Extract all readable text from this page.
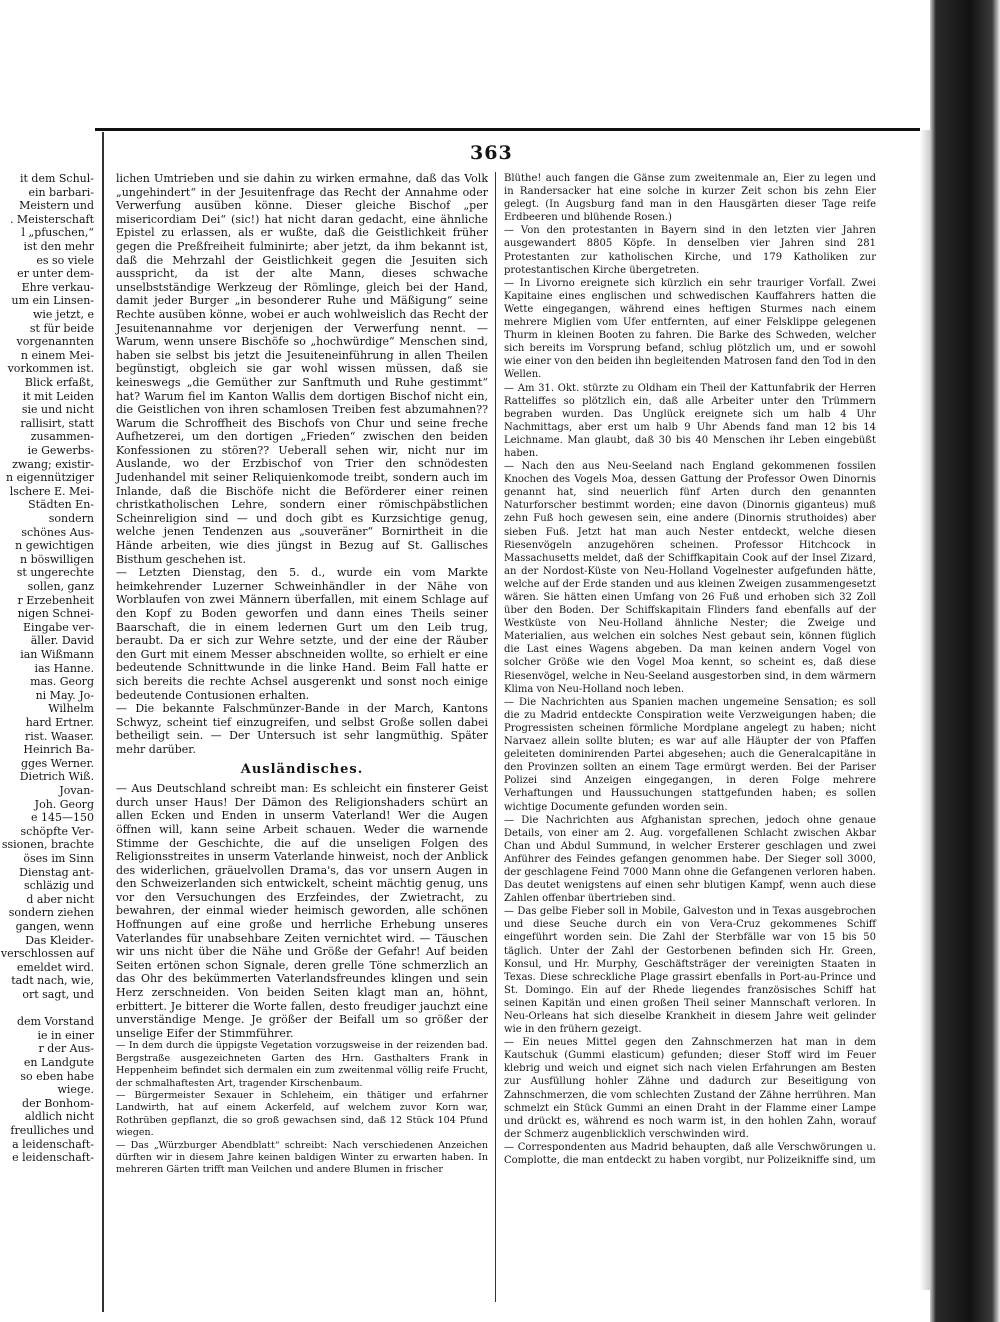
it dem Schul-
ein barbari-
Meistern und
. Meisterschaft
l „pfuschen,“
ist den mehr
es so viele
er unter dem-
Ehre verkau-
um ein Linsen-
wie jetzt, e
st für beide
vorgenannten
n einem Mei-
vorkommen ist.
Blick erfaßt,
it mit Leiden
sie und nicht
rallisirt, statt
zusammen-
ie Gewerbs-
zwang; existir-
n eigennütziger
lschere E. Mei-
Städten En-
sondern
schönes Aus-
n gewichtigen
n böswilligen
st ungerechte
sollen, ganz
r Erzebenheit
nigen Schnei-
Eingabe ver-
äller. David
ian Wißmann
ias Hanne.
mas. Georg
ni May. Jo-
Wilhelm
hard Ertner.
rist. Waaser.
Heinrich Ba-
gges Werner.
Dietrich Wiß.
Jovan-
Joh. Georg
e 145—150
schöpfte Ver-
ssionen, brachte
öses im Sinn
Dienstag ant-
schläzig und
d aber nicht
sondern ziehen
gangen, wenn
Das Kleider-
verschlossen auf
emeldet wird.
tadt nach, wie,
ort sagt, und
dem Vorstand
ie in einer
r der Aus-
en Landgute
so eben habe
wiege.
der Bonhom-
aldlich nicht
freulliches und
a leidenschaft-
e leidenschaft-
363

lichen Umtrieben und sie dahin zu wirken ermahne, daß das Volk „ungehindert“ in der Jesuitenfrage das Recht der Annahme oder Verwerfung ausüben könne. Dieser gleiche Bischof „per misericordiam Dei“ (sic!) hat nicht daran gedacht, eine ähnliche Epistel zu erlassen, als er wußte, daß die Geistlichkeit früher gegen die Preßfreiheit fulminirte; aber jetzt, da ihm bekannt ist, daß die Mehrzahl der Geistlichkeit gegen die Jesuiten sich ausspricht, da ist der alte Mann, dieses schwache unselbstständige Werkzeug der Römlinge, gleich bei der Hand, damit jeder Burger „in besonderer Ruhe und Mäßigung“ seine Rechte ausüben könne, wobei er auch wohlweislich das Recht der Jesuitenannahme vor derjenigen der Verwerfung nennt. — Warum, wenn unsere Bischöfe so „hochwürdige“ Menschen sind, haben sie selbst bis jetzt die Jesuiteneinführung in allen Theilen begünstigt, obgleich sie gar wohl wissen müssen, daß sie keineswegs „die Gemüther zur Sanftmuth und Ruhe gestimmt“ hat? Warum fiel im Kanton Wallis dem dortigen Bischof nicht ein, die Geistlichen von ihren schamlosen Treiben fest abzumahnen?? Warum die Schroffheit des Bischofs von Chur und seine freche Aufhetzerei, um den dortigen „Frieden“ zwischen den beiden Konfessionen zu stören?? Ueberall sehen wir, nicht nur im Auslande, wo der Erzbischof von Trier den schnödesten Judenhandel mit seiner Reliquienkomode treibt, sondern auch im Inlande, daß die Bischöfe nicht die Beförderer einer reinen christkatholischen Lehre, sondern einer römischpäbstlichen Scheinreligion sind — und doch gibt es Kurzsichtige genug, welche jenen Tendenzen aus „souveräner“ Bornirtheit in die Hände arbeiten, wie dies jüngst in Bezug auf St. Gallisches Bisthum geschehen ist.

— Letzten Dienstag, den 5. d., wurde ein vom Markte heimkehrender Luzerner Schweinhändler in der Nähe von Worblaufen von zwei Männern überfallen, mit einem Schlage auf den Kopf zu Boden geworfen und dann eines Theils seiner Baarschaft, die in einem ledernen Gurt um den Leib trug, beraubt. Da er sich zur Wehre setzte, und der eine der Räuber den Gurt mit einem Messer abschneiden wollte, so erhielt er eine bedeutende Schnittwunde in die linke Hand. Beim Fall hatte er sich bereits die rechte Achsel ausgerenkt und sonst noch einige bedeutende Contusionen erhalten.

— Die bekannte Falschmünzer-Bande in der March, Kantons Schwyz, scheint tief einzugreifen, und selbst Große sollen dabei betheiligt sein. — Der Untersuch ist sehr langmüthig. Später mehr darüber.

Ausländisches.

— Aus Deutschland schreibt man: Es schleicht ein finsterer Geist durch unser Haus! Der Dämon des Religionshaders schürt an allen Ecken und Enden in unserm Vaterland! Wer die Augen öffnen will, kann seine Arbeit schauen. Weder die warnende Stimme der Geschichte, die auf die unseligen Folgen des Religionsstreites in unserm Vaterlande hinweist, noch der Anblick des widerlichen, gräuelvollen Drama's, das vor unsern Augen in den Schweizerlanden sich entwickelt, scheint mächtig genug, uns vor den Versuchungen des Erzfeindes, der Zwietracht, zu bewahren, der einmal wieder heimisch geworden, alle schönen Hoffnungen auf eine große und herrliche Erhebung unseres Vaterlandes für unabsehbare Zeiten vernichtet wird. — Täuschen wir uns nicht über die Nähe und Größe der Gefahr! Auf beiden Seiten ertönen schon Signale, deren grelle Töne schmerzlich an das Ohr des bekümmerten Vaterlandsfreundes klingen und sein Herz zerschneiden. Von beiden Seiten klagt man an, höhnt, erbittert. Je bitterer die Worte fallen, desto freudiger jauchzt eine unverständige Menge. Je größer der Beifall um so größer der unselige Eifer der Stimmführer.

— In dem durch die üppigste Vegetation vorzugsweise in der reizenden bad. Bergstraße ausgezeichneten Garten des Hrn. Gasthalters Frank in Heppenheim befindet sich dermalen ein zum zweitenmal völlig reife Frucht, der schmalhaftesten Art, tragender Kirschenbaum.

— Bürgermeister Sexauer in Schleheim, ein thätiger und erfahrner Landwirth, hat auf einem Ackerfeld, auf welchem zuvor Korn war, Rothrüben gepflanzt, die so groß gewachsen sind, daß 12 Stück 104 Pfund wiegen.

— Das „Würzburger Abendblatt“ schreibt: Nach verschiedenen Anzeichen dürften wir in diesem Jahre keinen baldigen Winter zu erwarten haben. In mehreren Gärten trifft man Veilchen und andere Blumen in frischer

Blüthe! auch fangen die Gänse zum zweitenmale an, Eier zu legen und in Randersacker hat eine solche in kurzer Zeit schon bis zehn Eier gelegt. (In Augsburg fand man in den Hausgärten dieser Tage reife Erdbeeren und blühende Rosen.)

— Von den protestanten in Bayern sind in den letzten vier Jahren ausgewandert 8805 Köpfe. In denselben vier Jahren sind 281 Protestanten zur katholischen Kirche, und 179 Katholiken zur protestantischen Kirche übergetreten.

— In Livorno ereignete sich kürzlich ein sehr trauriger Vorfall. Zwei Kapitaine eines englischen und schwedischen Kauffahrers hatten die Wette eingegangen, während eines heftigen Sturmes nach einem mehrere Miglien vom Ufer entfernten, auf einer Felsklippe gelegenen Thurm in kleinen Booten zu fahren. Die Barke des Schweden, welcher sich bereits im Vorsprung befand, schlug plötzlich um, und er sowohl wie einer von den beiden ihn begleitenden Matrosen fand den Tod in den Wellen.

— Am 31. Okt. stürzte zu Oldham ein Theil der Kattunfabrik der Herren Ratteliffes so plötzlich ein, daß alle Arbeiter unter den Trümmern begraben wurden. Das Unglück ereignete sich um halb 4 Uhr Nachmittags, aber erst um halb 9 Uhr Abends fand man 12 bis 14 Leichname. Man glaubt, daß 30 bis 40 Menschen ihr Leben eingebüßt haben.

— Nach den aus Neu-Seeland nach England gekommenen fossilen Knochen des Vogels Moa, dessen Gattung der Professor Owen Dinornis genannt hat, sind neuerlich fünf Arten durch den genannten Naturforscher bestimmt worden; eine davon (Dinornis giganteus) muß zehn Fuß hoch gewesen sein, eine andere (Dinornis struthoides) aber sieben Fuß. Jetzt hat man auch Nester entdeckt, welche diesen Riesenvögeln anzugehören scheinen. Professor Hitchcock in Massachusetts meldet, daß der Schiffkapitain Cook auf der Insel Zizard, an der Nordost-Küste von Neu-Holland Vogelnester aufgefunden hätte, welche auf der Erde standen und aus kleinen Zweigen zusammengesetzt wären. Sie hätten einen Umfang von 26 Fuß und erhoben sich 32 Zoll über den Boden. Der Schiffskapitain Flinders fand ebenfalls auf der Westküste von Neu-Holland ähnliche Nester; die Zweige und Materialien, aus welchen ein solches Nest gebaut sein, können füglich die Last eines Wagens abgeben. Da man keinen andern Vogel von solcher Größe wie den Vogel Moa kennt, so scheint es, daß diese Riesenvögel, welche in Neu-Seeland ausgestorben sind, in dem wärmern Klima von Neu-Holland noch leben.

— Die Nachrichten aus Spanien machen ungemeine Sensation; es soll die zu Madrid entdeckte Conspiration weite Verzweigungen haben; die Progressisten scheinen förmliche Mordplane angelegt zu haben; nicht Narvaez allein sollte bluten; es war auf alle Häupter der von Pfaffen geleiteten dominirenden Partei abgesehen; auch die Generalcapitäne in den Provinzen sollten an einem Tage ermürgt werden. Bei der Pariser Polizei sind Anzeigen eingegangen, in deren Folge mehrere Verhaftungen und Haussuchungen stattgefunden haben; es sollen wichtige Documente gefunden worden sein.

— Die Nachrichten aus Afghanistan sprechen, jedoch ohne genaue Details, von einer am 2. Aug. vorgefallenen Schlacht zwischen Akbar Chan und Abdul Summund, in welcher Ersterer geschlagen und zwei Anführer des Feindes gefangen genommen habe. Der Sieger soll 3000, der geschlagene Feind 7000 Mann ohne die Gefangenen verloren haben. Das deutet wenigstens auf einen sehr blutigen Kampf, wenn auch diese Zahlen offenbar übertrieben sind.

— Das gelbe Fieber soll in Mobile, Galveston und in Texas ausgebrochen und diese Seuche durch ein von Vera-Cruz gekommenes Schiff eingeführt worden sein. Die Zahl der Sterbfälle war von 15 bis 50 täglich. Unter der Zahl der Gestorbenen befinden sich Hr. Green, Konsul, und Hr. Murphy, Geschäftsträger der vereinigten Staaten in Texas. Diese schreckliche Plage grassirt ebenfalls in Port-au-Prince und St. Domingo. Ein auf der Rhede liegendes französisches Schiff hat seinen Kapitän und einen großen Theil seiner Mannschaft verloren. In Neu-Orleans hat sich dieselbe Krankheit in diesem Jahre weit gelinder wie in den frühern gezeigt.

— Ein neues Mittel gegen den Zahnschmerzen hat man in dem Kautschuk (Gummi elasticum) gefunden; dieser Stoff wird im Feuer klebrig und weich und eignet sich nach vielen Erfahrungen am Besten zur Ausfüllung hohler Zähne und dadurch zur Beseitigung von Zahnschmerzen, die vom schlechten Zustand der Zähne herrühren. Man schmelzt ein Stück Gummi an einen Draht in der Flamme einer Lampe und drückt es, während es noch warm ist, in den hohlen Zahn, worauf der Schmerz augenblicklich verschwinden wird.

— Correspondenten aus Madrid behaupten, daß alle Verschwörungen u. Complotte, die man entdeckt zu haben vorgibt, nur Polizeikniffe sind, um
